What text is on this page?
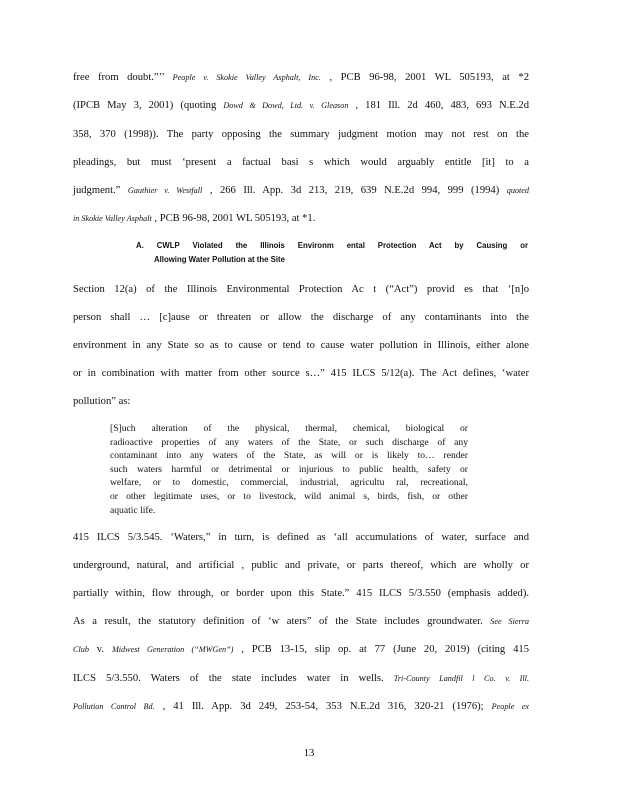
free from doubt.”’’ People v. Skokie Valley Asphalt, Inc. , PCB 96-98, 2001 WL 505193, at *2
(IPCB May 3, 2001) (quoting Dowd & Dowd, Ltd. v. Gleason , 181 Ill. 2d 460, 483, 693 N.E.2d
358, 370 (1998)). The party opposing the summary judgment motion may not rest on the
pleadings, but must ‘present a factual basi s which would arguably entitle [it] to a
judgment.” Gauthier v. Westfall , 266 Ill. App. 3d 213, 219, 639 N.E.2d 994, 999 (1994) quoted
in Skokie Valley Asphalt , PCB 96-98, 2001 WL 505193, at *1.
A. CWLP Violated the Illinois Environm ental Protection Act by Causing or
Allowing Water Pollution at the Site
Section 12(a) of the Illinois Environmental Protection Ac t (“Act”) provid es that ‘[n]o
person shall … [c]ause or threaten or allow the discharge of any contaminants into the
environment in any State so as to cause or tend to cause water pollution in Illinois, either alone
or in combination with matter from other source s…” 415 ILCS 5/12(a). The Act defines, ‘water
pollution” as:
[S]uch alteration of the physical, thermal, chemical, biological or
radioactive properties of any waters of the State, or such discharge of any
contaminant into any waters of the State, as will or is likely to… render
such waters harmful or detrimental or injurious to public health, safety or
welfare, or to domestic, commercial, industrial, agricultu ral, recreational,
or other legitimate uses, or to livestock, wild animal s, birds, fish, or other
aquatic life.
415 ILCS 5/3.545. ‘Waters,” in turn, is defined as ‘all accumulations of water, surface and
underground, natural, and artificial , public and private, or parts thereof, which are wholly or
partially within, flow through, or border upon this State.” 415 ILCS 5/3.550 (emphasis added).
As a result, the statutory definition of ‘w aters” of the State includes groundwater. See Sierra
Club v. Midwest Generation (“MWGen”) , PCB 13-15, slip op. at 77 (June 20, 2019) (citing 415
ILCS 5/3.550. Waters of the state includes water in wells. Tri-County Landfil l Co. v. Ill.
Pollution Control Bd. , 41 Ill. App. 3d 249, 253-54, 353 N.E.2d 316, 320-21 (1976); People ex
13
